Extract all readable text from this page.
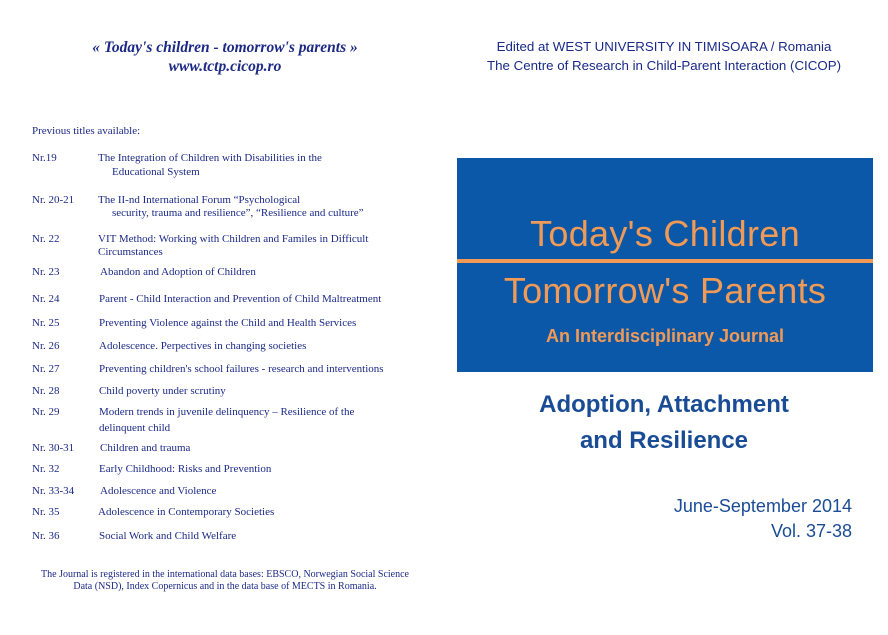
« Today's children - tomorrow's parents »
www.tctp.cicop.ro
Previous titles available:
Nr.19	The Integration of Children with Disabilities in the
Educational System
Nr. 20-21 The II-nd International Forum “Psychological
security, trauma and resilience”, “Resilience and culture”
Nr. 22	VIT Method: Working with Children and Familes in Difficult
Circumstances
Nr. 23	Abandon and Adoption of Children
Nr. 24	Parent - Child Interaction and Prevention of Child Maltreatment
Nr. 25	Preventing Violence against the Child and Health Services
Nr. 26	Adolescence. Perpectives in changing societies
Nr. 27	Preventing children's school failures - research and interventions
Nr. 28	Child poverty under scrutiny
Nr. 29	Modern trends in juvenile delinquency – Resilience of the
delinquent child
Nr. 30-31 Children and trauma
Nr. 32	Early Childhood: Risks and Prevention
Nr. 33-34 Adolescence and Violence
Nr. 35	Adolescence in Contemporary Societies
Nr. 36	Social Work and Child Welfare
The Journal is registered in the international data bases: EBSCO, Norwegian Social Science
Data (NSD), Index Copernicus and in the data base of MECTS in Romania.
Edited at WEST UNIVERSITY IN TIMISOARA / Romania
The Centre of Research in Child-Parent Interaction (CICOP)
Today's Children
Tomorrow's Parents
An Interdisciplinary Journal
Adoption, Attachment
and Resilience
June-September 2014
Vol. 37-38
